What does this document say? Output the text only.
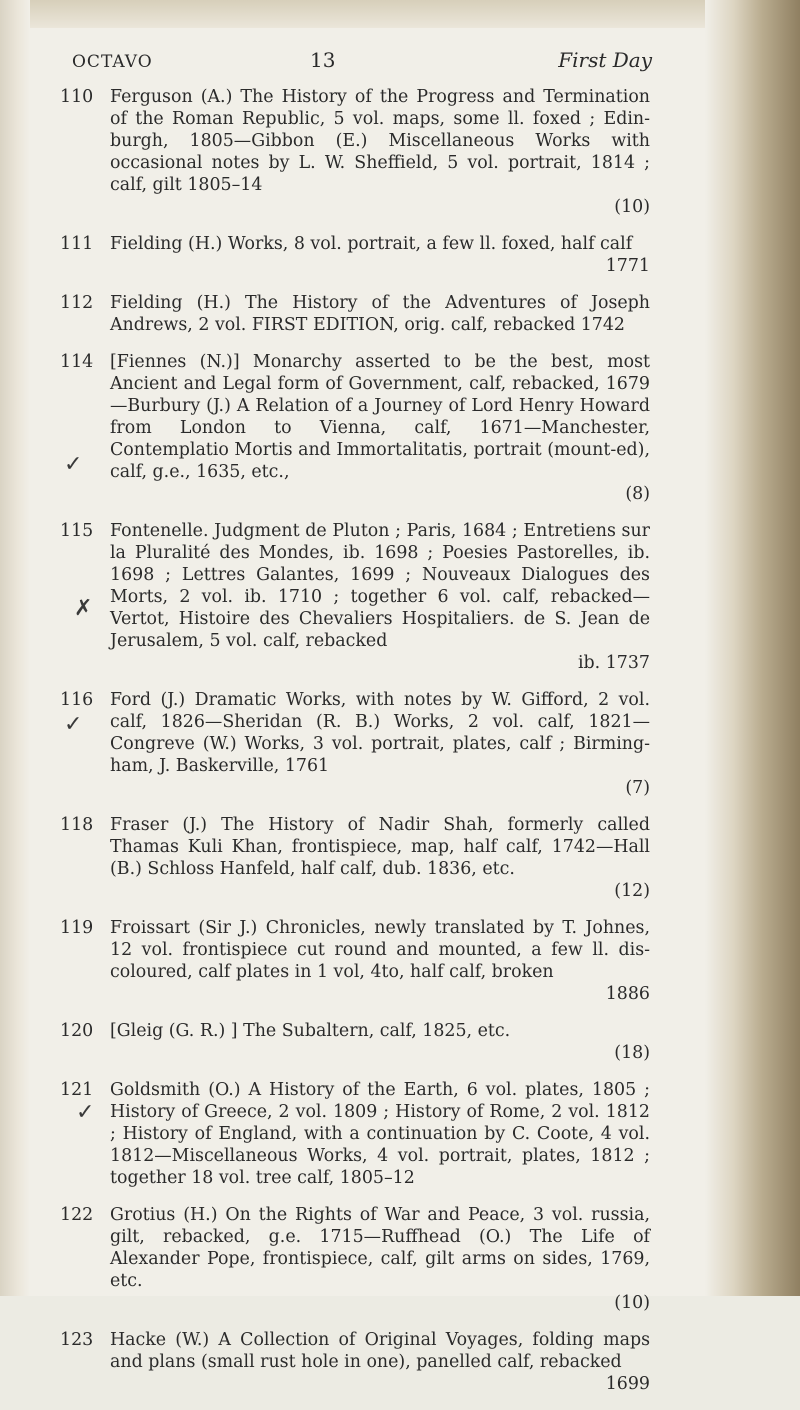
OCTAVO	13	First Day
110 Ferguson (A.) The History of the Progress and Termination of the Roman Republic, 5 vol. maps, some ll. foxed ; Edin-burgh, 1805—Gibbon (E.) Miscellaneous Works with occasional notes by L. W. Sheffield, 5 vol. portrait, 1814 ; calf, gilt 1805–14
(10)
111 Fielding (H.) Works, 8 vol. portrait, a few ll. foxed, half calf
1771
112 Fielding (H.) The History of the Adventures of Joseph Andrews, 2 vol. FIRST EDITION, orig. calf, rebacked 1742
114 [Fiennes (N.)] Monarchy asserted to be the best, most Ancient and Legal form of Government, calf, rebacked, 1679—Burbury (J.) A Relation of a Journey of Lord Henry Howard from London to Vienna, calf, 1671—Manchester, Contemplatio Mortis and Immortalitatis, portrait (mount-ed), calf, g.e., 1635, etc.,
(8)
115 Fontenelle. Judgment de Pluton ; Paris, 1684 ; Entretiens sur la Pluralité des Mondes, ib. 1698 ; Poesies Pastorelles, ib. 1698 ; Lettres Galantes, 1699 ; Nouveaux Dialogues des Morts, 2 vol. ib. 1710 ; together 6 vol. calf, rebacked—Vertot, Histoire des Chevaliers Hospitaliers. de S. Jean de Jerusalem, 5 vol. calf, rebacked
ib. 1737
116 Ford (J.) Dramatic Works, with notes by W. Gifford, 2 vol. calf, 1826—Sheridan (R. B.) Works, 2 vol. calf, 1821—Congreve (W.) Works, 3 vol. portrait, plates, calf ; Birming-ham, J. Baskerville, 1761
(7)
118 Fraser (J.) The History of Nadir Shah, formerly called Thamas Kuli Khan, frontispiece, map, half calf, 1742—Hall (B.) Schloss Hanfeld, half calf, dub. 1836, etc.
(12)
119 Froissart (Sir J.) Chronicles, newly translated by T. Johnes, 12 vol. frontispiece cut round and mounted, a few ll. dis-coloured, calf plates in 1 vol, 4to, half calf, broken
1886
120 [Gleig (G. R.) ] The Subaltern, calf, 1825, etc.
(18)
121 Goldsmith (O.) A History of the Earth, 6 vol. plates, 1805 ; History of Greece, 2 vol. 1809 ; History of Rome, 2 vol. 1812 ; History of England, with a continuation by C. Coote, 4 vol. 1812—Miscellaneous Works, 4 vol. portrait, plates, 1812 ; together 18 vol. tree calf, 1805–12
122 Grotius (H.) On the Rights of War and Peace, 3 vol. russia, gilt, rebacked, g.e. 1715—Ruffhead (O.) The Life of Alexander Pope, frontispiece, calf, gilt arms on sides, 1769, etc.
(10)
123 Hacke (W.) A Collection of Original Voyages, folding maps and plans (small rust hole in one), panelled calf, rebacked
1699
✓
✗
✓
✓
